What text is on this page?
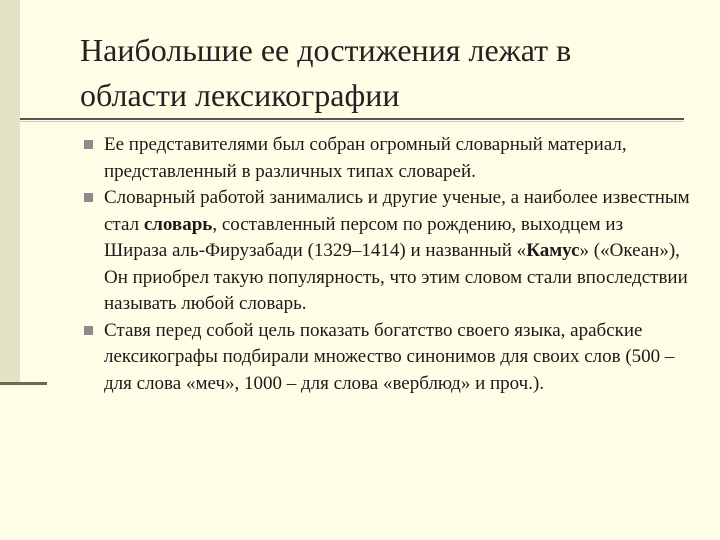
Наибольшие ее достижения лежат в
области лексикографии
Ее представителями был собран огромный словарный материал, представленный в различных типах словарей.
Словарный работой занимались и другие ученые, а наиболее известным стал словарь, составленный персом по рождению, выходцем из Шираза аль-Фирузабади (1329–1414) и названный «Камус» («Океан»), Он приобрел такую популярность, что этим словом стали впоследствии называть любой словарь.
Ставя перед собой цель показать богатство своего языка, арабские лексикографы подбирали множество синонимов для своих слов (500 – для слова «меч», 1000 – для слова «верблюд» и проч.).
